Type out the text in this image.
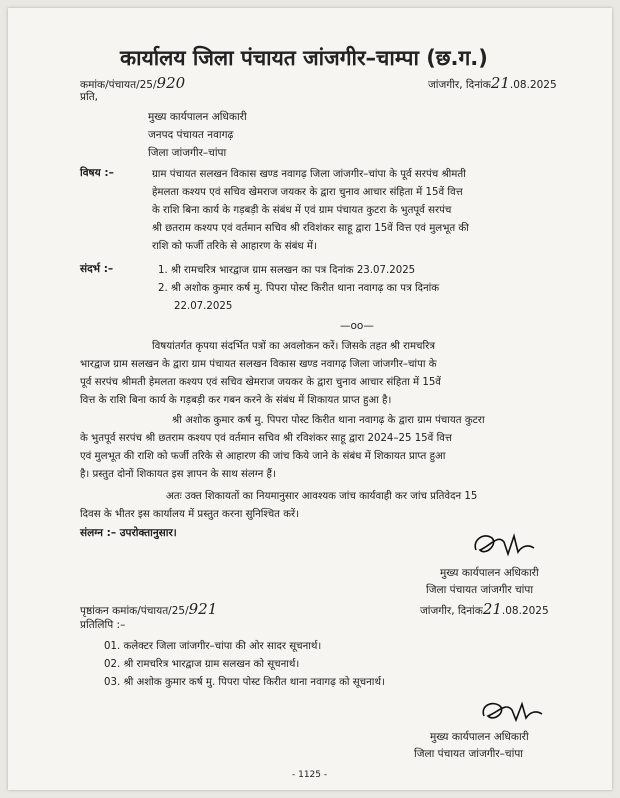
कार्यालय जिला पंचायत जांजगीर–चाम्पा (छ.ग.)
कमांक/पंचायत/25/920	जांजगीर, दिनांक21.08.2025
प्रति,
मुख्य कार्यपालन अधिकारी
जनपद पंचायत नवागढ़
जिला जांजगीर–चांपा
विषय :–	ग्राम पंचायत सलखन विकास खण्ड नवागढ़ जिला जांजगीर–चांपा के पूर्व सरपंच श्रीमती
हेमलता कश्यप एवं सचिव खेमराज जयकर के द्वारा चुनाव आचार संहिता में 15वें वित्त
के राशि बिना कार्य के गड़बड़ी के संबंध में एवं ग्राम पंचायत कुटरा के भुतपूर्व सरपंच
श्री छतराम कश्यप एवं वर्तमान सचिव श्री रविशंकर साहू द्वारा 15वें वित्त एवं मुलभूत की
राशि को फर्जी तरिके से आहारण के संबंध में।
संदर्भ :–	1. श्री रामचरित्र भारद्वाज ग्राम सलखन का पत्र दिनांक 23.07.2025
2. श्री अशोक कुमार कर्ष मु. पिपरा पोस्ट किरीत थाना नवागढ़ का पत्र दिनांक
22.07.2025
—oo—
विषयांतर्गत कृपया संदर्भित पत्रों का अवलोकन करें। जिसके तहत श्री रामचरित्र
भारद्वाज ग्राम सलखन के द्वारा ग्राम पंचायत सलखन विकास खण्ड नवागढ़ जिला जांजगीर–चांपा के
पूर्व सरपंच श्रीमती हेमलता कश्यप एवं सचिव खेमराज जयकर के द्वारा चुनाव आचार संहिता में 15वें
वित्त के राशि बिना कार्य के गड़बड़ी कर गबन करने के संबंध में शिकायत प्राप्त हुआ है।
श्री अशोक कुमार कर्ष मु. पिपरा पोस्ट किरीत थाना नवागढ़ के द्वारा ग्राम पंचायत कुटरा
के भुतपूर्व सरपंच श्री छतराम कश्यप एवं वर्तमान सचिव श्री रविशंकर साहू द्वारा 2024–25 15वें वित्त
एवं मुलभूत की राशि को फर्जी तरिके से आहारण की जांच किये जाने के संबंध में शिकायत प्राप्त हुआ
है। प्रस्तुत दोनों शिकायत इस ज्ञापन के साथ संलग्न हैं।
अतः उक्त शिकायतों का नियमानुसार आवश्यक जांच कार्यवाही कर जांच प्रतिवेदन 15
दिवस के भीतर इस कार्यालय में प्रस्तुत करना सुनिश्चित करें।
संलग्न :– उपरोक्तानुसार।
मुख्य कार्यपालन अधिकारी
जिला पंचायत जांजगीर चांपा
पृष्ठांकन कमांक/पंचायत/25/921	जांजगीर, दिनांक21.08.2025
प्रतिलिपि :–
01. कलेक्टर जिला जांजगीर–चांपा की ओर सादर सूचनार्थ।
02. श्री रामचरित्र भारद्वाज ग्राम सलखन को सूचनार्थ।
03. श्री अशोक कुमार कर्ष मु. पिपरा पोस्ट किरीत थाना नवागढ़ को सूचनार्थ।
मुख्य कार्यपालन अधिकारी
जिला पंचायत जांजगीर–चांपा
- 1125 -
